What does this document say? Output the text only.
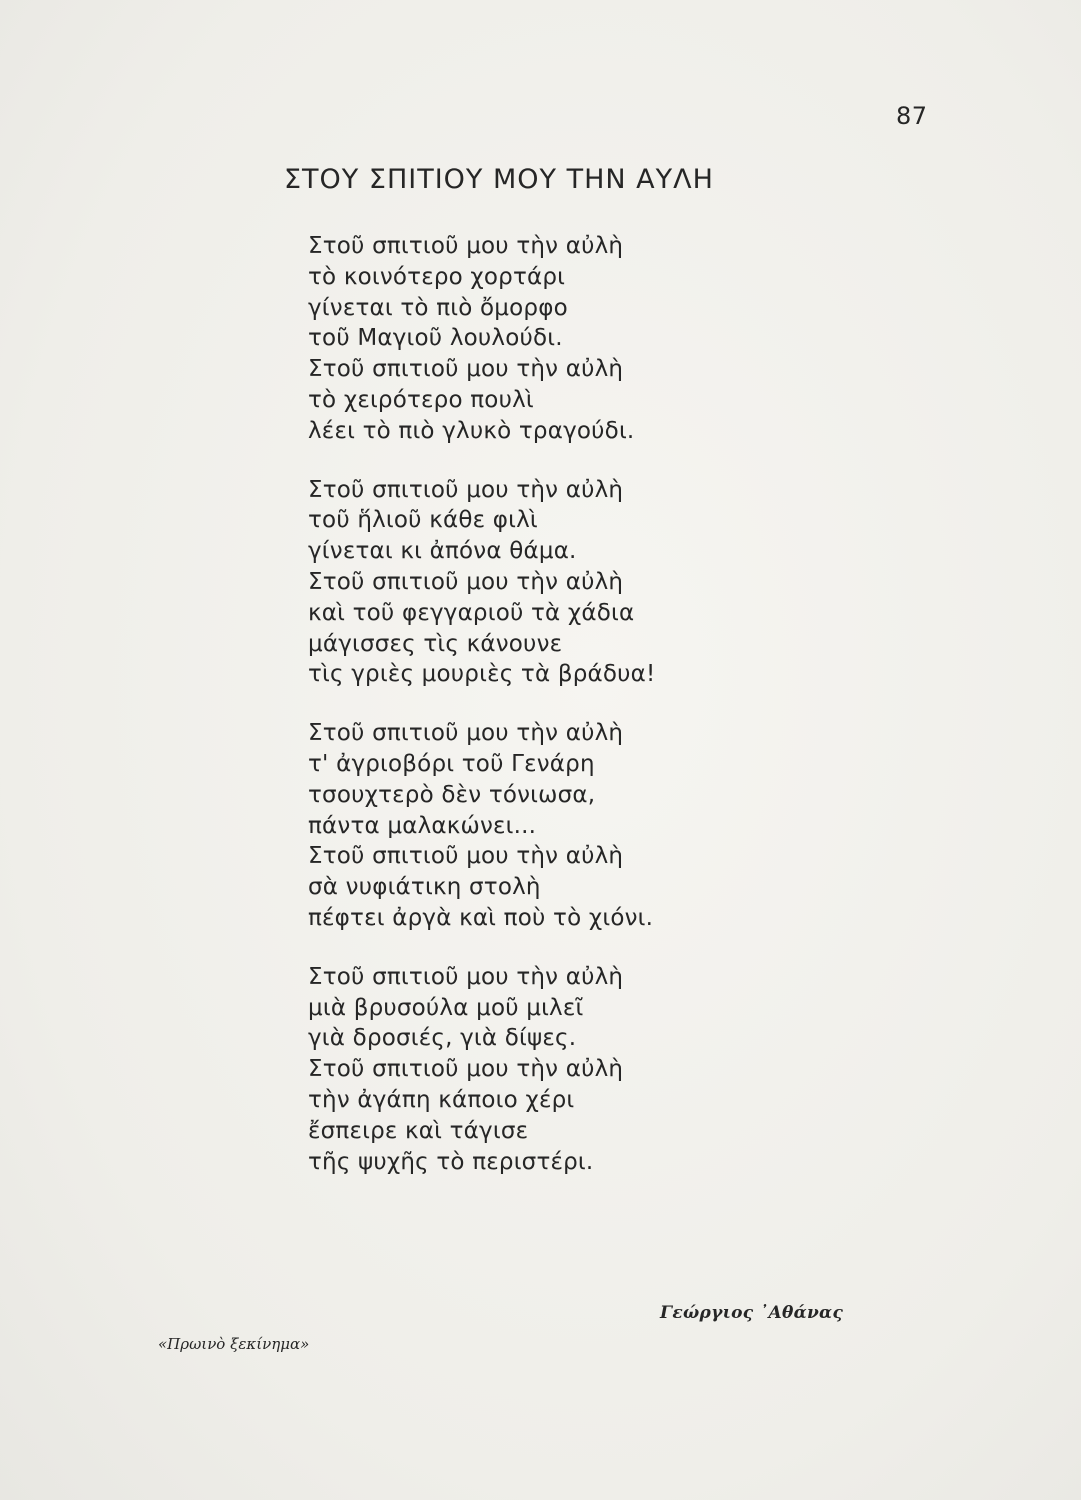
87
ΣΤΟΥ ΣΠΙΤΙΟΥ ΜΟΥ ΤΗΝ ΑΥΛΗ
Στοῦ σπιτιοῦ μου τὴν αὐλὴ
τὸ κοινότερο χορτάρι
γίνεται τὸ πιὸ ὄμορφο
τοῦ Μαγιοῦ λουλούδι.
Στοῦ σπιτιοῦ μου τὴν αὐλὴ
τὸ χειρότερο πουλὶ
λέει τὸ πιὸ γλυκὸ τραγούδι.
Στοῦ σπιτιοῦ μου τὴν αὐλὴ
τοῦ ἥλιοῦ κάθε φιλὶ
γίνεται κι ἀπόνα θάμα.
Στοῦ σπιτιοῦ μου τὴν αὐλὴ
καὶ τοῦ φεγγαριοῦ τὰ χάδια
μάγισσες τὶς κάνουνε
τὶς γριὲς μουριὲς τὰ βράδυα!
Στοῦ σπιτιοῦ μου τὴν αὐλὴ
τ' ἀγριοβόρι τοῦ Γενάρη
τσουχτερὸ δὲν τόνιωσα,
πάντα μαλακώνει...
Στοῦ σπιτιοῦ μου τὴν αὐλὴ
σὰ νυφιάτικη στολὴ
πέφτει ἀργὰ καὶ ποὺ τὸ χιόνι.
Στοῦ σπιτιοῦ μου τὴν αὐλὴ
μιὰ βρυσούλα μοῦ μιλεῖ
γιὰ δροσιές, γιὰ δίψες.
Στοῦ σπιτιοῦ μου τὴν αὐλὴ
τὴν ἀγάπη κάποιο χέρι
ἔσπειρε καὶ τάγισε
τῆς ψυχῆς τὸ περιστέρι.
Γεώργιος ᾿Αθάνας
«Πρωινὸ ξεκίνημα»
